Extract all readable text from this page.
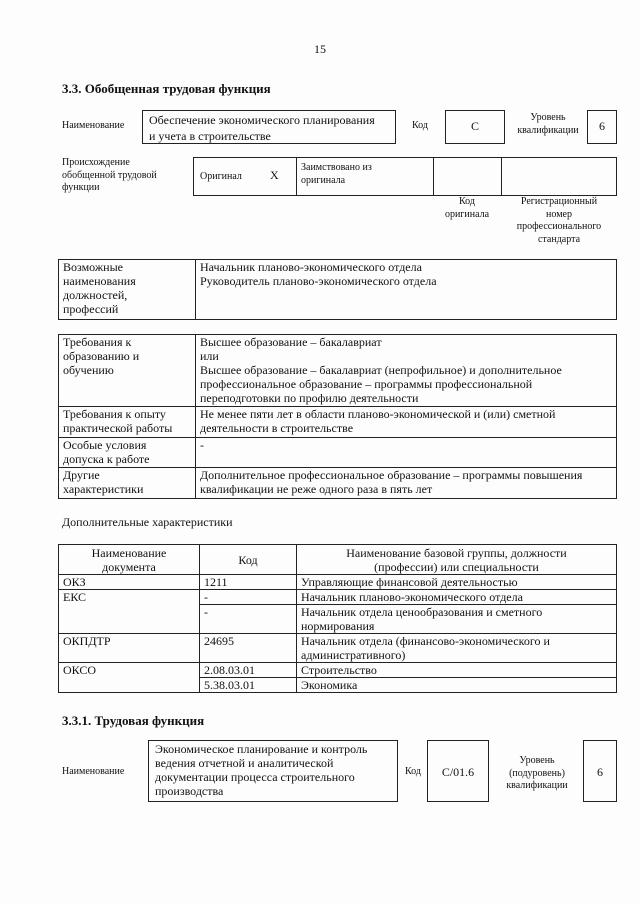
15
3.3. Обобщенная трудовая функция
Наименование	Обеспечение экономического планирования
и учета в строительстве
Код	С
Уровень
квалификации	6
Происхождение
обобщенной трудовой
функции
Оригинал X
Заимствовано из
оригинала
Код
оригинала
Регистрационный
номер
профессионального
стандарта
Возможные
наименования
должностей,
профессий	Начальник планово-экономического отдела
Руководитель планово-экономического отдела
Требования к
образованию и
обучению	Высшее образование – бакалавриат
или
Высшее образование – бакалавриат (непрофильное) и дополнительное
профессиональное образование – программы профессиональной
переподготовки по профилю деятельности
Требования к опыту
практической работы	Не менее пяти лет в области планово-экономической и (или) сметной
деятельности в строительстве
Особые условия
допуска к работе	-
Другие
характеристики	Дополнительное профессиональное образование – программы повышения
квалификации не реже одного раза в пять лет
Дополнительные характеристики
Наименование
документа	Код	Наименование базовой группы, должности
(профессии) или специальности
ОКЗ	1211	Управляющие финансовой деятельностью
ЕКС	-	Начальник планово-экономического отдела
	-	Начальник отдела ценообразования и сметного
нормирования
ОКПДТР	24695	Начальник отдела (финансово-экономического и
административного)
ОКСО	2.08.03.01	Строительство
	5.38.03.01	Экономика
3.3.1. Трудовая функция
Наименование
Экономическое планирование и контроль
ведения отчетной и аналитической
документации процесса строительного
производства
Код	С/01.6
Уровень
(подуровень)
квалификации
6
